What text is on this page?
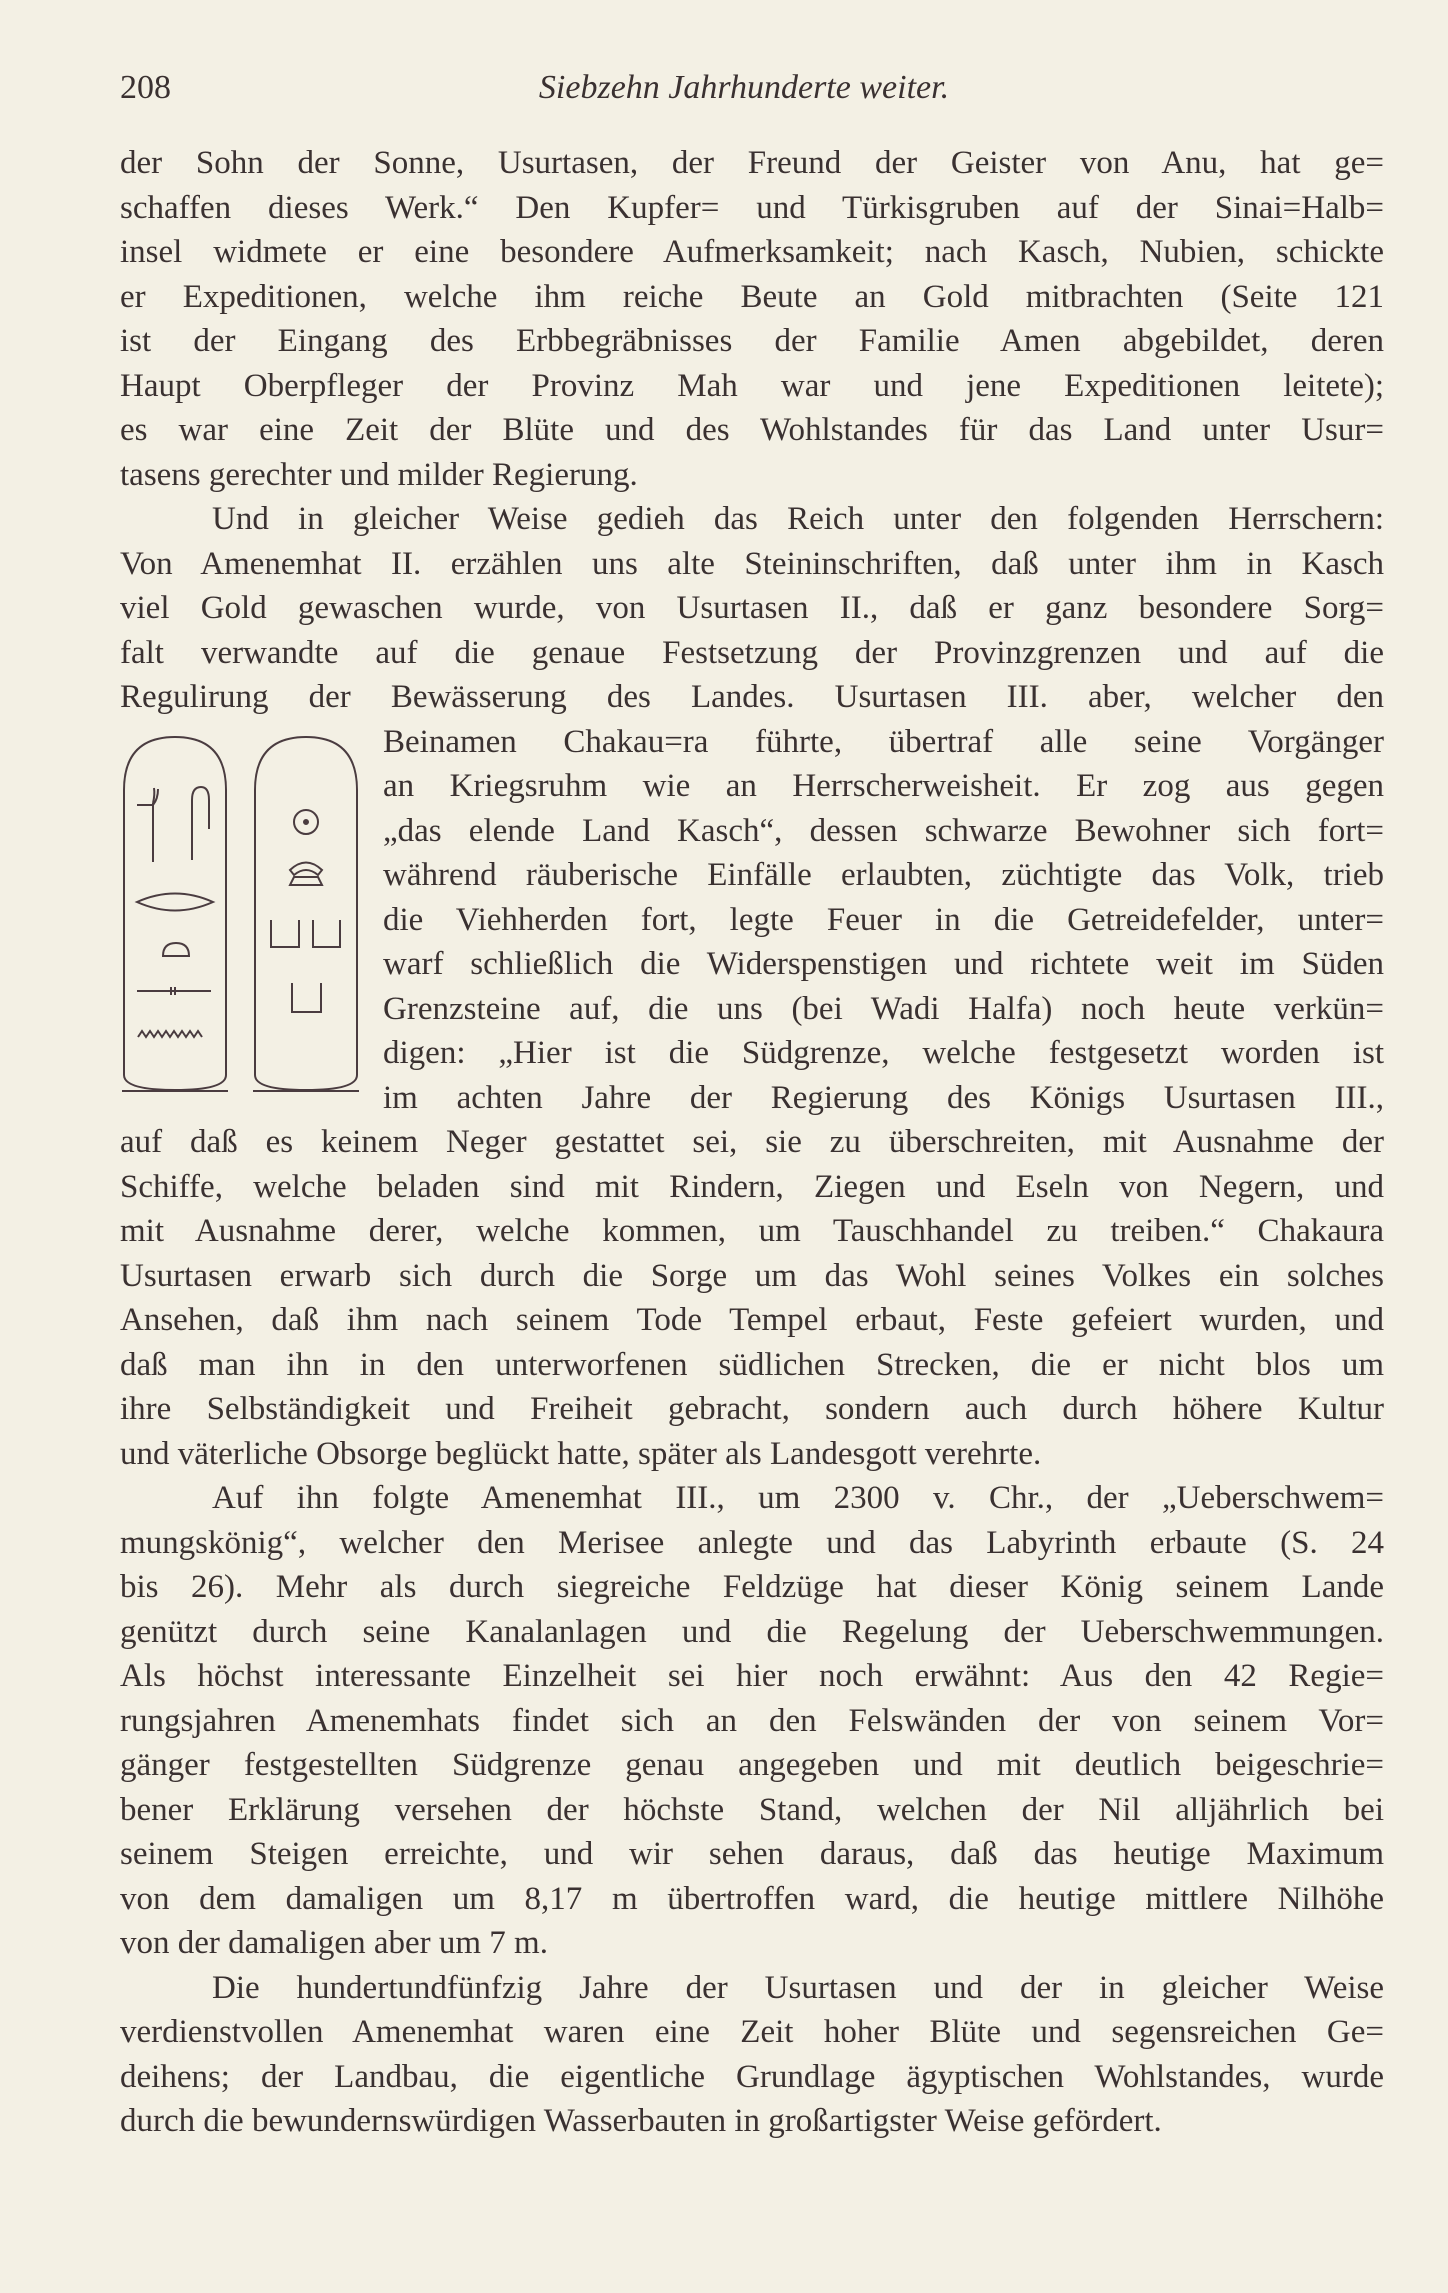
208	Siebzehn Jahrhunderte weiter.
der Sohn der Sonne, Usurtasen, der Freund der Geister von Anu, hat ge=
schaffen dieses Werk.“ Den Kupfer= und Türkisgruben auf der Sinai=Halb=
insel widmete er eine besondere Aufmerksamkeit; nach Kasch, Nubien, schickte
er Expeditionen, welche ihm reiche Beute an Gold mitbrachten (Seite 121
ist der Eingang des Erbbegräbnisses der Familie Amen abgebildet, deren
Haupt Oberpfleger der Provinz Mah war und jene Expeditionen leitete);
es war eine Zeit der Blüte und des Wohlstandes für das Land unter Usur=
tasens gerechter und milder Regierung.
Und in gleicher Weise gedieh das Reich unter den folgenden Herrschern:
Von Amenemhat II. erzählen uns alte Steininschriften, daß unter ihm in Kasch
viel Gold gewaschen wurde, von Usurtasen II., daß er ganz besondere Sorg=
falt verwandte auf die genaue Festsetzung der Provinzgrenzen und auf die
Regulirung der Bewässerung des Landes. Usurtasen III. aber, welcher den
Beinamen Chakau=ra führte, übertraf alle seine Vorgänger
an Kriegsruhm wie an Herrscherweisheit. Er zog aus gegen
„das elende Land Kasch“, dessen schwarze Bewohner sich fort=
während räuberische Einfälle erlaubten, züchtigte das Volk, trieb
die Viehherden fort, legte Feuer in die Getreidefelder, unter=
warf schließlich die Widerspenstigen und richtete weit im Süden
Grenzsteine auf, die uns (bei Wadi Halfa) noch heute verkün=
digen: „Hier ist die Südgrenze, welche festgesetzt worden ist
im achten Jahre der Regierung des Königs Usurtasen III.,
auf daß es keinem Neger gestattet sei, sie zu überschreiten, mit Ausnahme der
Schiffe, welche beladen sind mit Rindern, Ziegen und Eseln von Negern, und
mit Ausnahme derer, welche kommen, um Tauschhandel zu treiben.“ Chakaura
Usurtasen erwarb sich durch die Sorge um das Wohl seines Volkes ein solches
Ansehen, daß ihm nach seinem Tode Tempel erbaut, Feste gefeiert wurden, und
daß man ihn in den unterworfenen südlichen Strecken, die er nicht blos um
ihre Selbständigkeit und Freiheit gebracht, sondern auch durch höhere Kultur
und väterliche Obsorge beglückt hatte, später als Landesgott verehrte.
Auf ihn folgte Amenemhat III., um 2300 v. Chr., der „Ueberschwem=
mungskönig“, welcher den Merisee anlegte und das Labyrinth erbaute (S. 24
bis 26). Mehr als durch siegreiche Feldzüge hat dieser König seinem Lande
genützt durch seine Kanalanlagen und die Regelung der Ueberschwemmungen.
Als höchst interessante Einzelheit sei hier noch erwähnt: Aus den 42 Regie=
rungsjahren Amenemhats findet sich an den Felswänden der von seinem Vor=
gänger festgestellten Südgrenze genau angegeben und mit deutlich beigeschrie=
bener Erklärung versehen der höchste Stand, welchen der Nil alljährlich bei
seinem Steigen erreichte, und wir sehen daraus, daß das heutige Maximum
von dem damaligen um 8,17 m übertroffen ward, die heutige mittlere Nilhöhe
von der damaligen aber um 7 m.
Die hundertundfünfzig Jahre der Usurtasen und der in gleicher Weise
verdienstvollen Amenemhat waren eine Zeit hoher Blüte und segensreichen Ge=
deihens; der Landbau, die eigentliche Grundlage ägyptischen Wohlstandes, wurde
durch die bewundernswürdigen Wasserbauten in großartigster Weise gefördert.
